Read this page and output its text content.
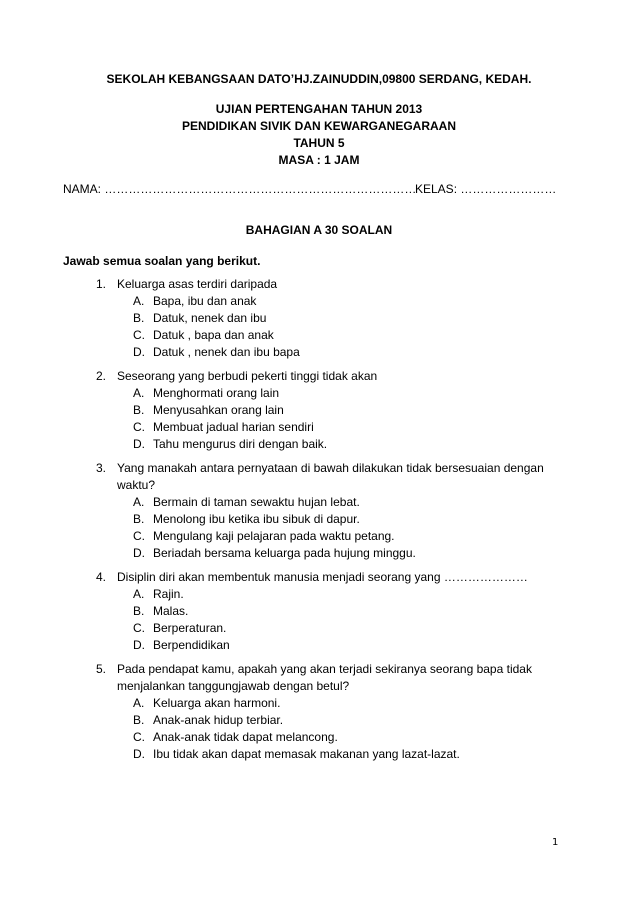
SEKOLAH KEBANGSAAN DATO’HJ.ZAINUDDIN,09800 SERDANG, KEDAH.
UJIAN PERTENGAHAN TAHUN 2013
PENDIDIKAN SIVIK DAN KEWARGANEGARAAN
TAHUN 5
MASA : 1 JAM
NAMA: ……………………………………………………………………
KELAS: ……………………
BAHAGIAN A 30 SOALAN
Jawab semua soalan yang berikut.
1. Keluarga asas terdiri daripada
A. Bapa, ibu dan anak
B. Datuk, nenek dan ibu
C. Datuk , bapa dan anak
D. Datuk , nenek dan ibu bapa
2. Seseorang yang berbudi pekerti tinggi tidak akan
A. Menghormati orang lain
B. Menyusahkan orang lain
C. Membuat jadual harian sendiri
D. Tahu mengurus diri dengan baik.
3. Yang manakah antara pernyataan di bawah dilakukan tidak bersesuaian dengan waktu?
A. Bermain di taman sewaktu hujan lebat.
B. Menolong ibu ketika ibu sibuk di dapur.
C. Mengulang kaji pelajaran pada waktu petang.
D. Beriadah bersama keluarga pada hujung minggu.
4. Disiplin diri akan membentuk manusia menjadi seorang yang …………………
A. Rajin.
B. Malas.
C. Berperaturan.
D. Berpendidikan
5. Pada pendapat kamu, apakah yang akan terjadi sekiranya seorang bapa tidak menjalankan tanggungjawab dengan betul?
A. Keluarga akan harmoni.
B. Anak-anak hidup terbiar.
C. Anak-anak tidak dapat melancong.
D. Ibu tidak akan dapat memasak makanan yang lazat-lazat.
1
